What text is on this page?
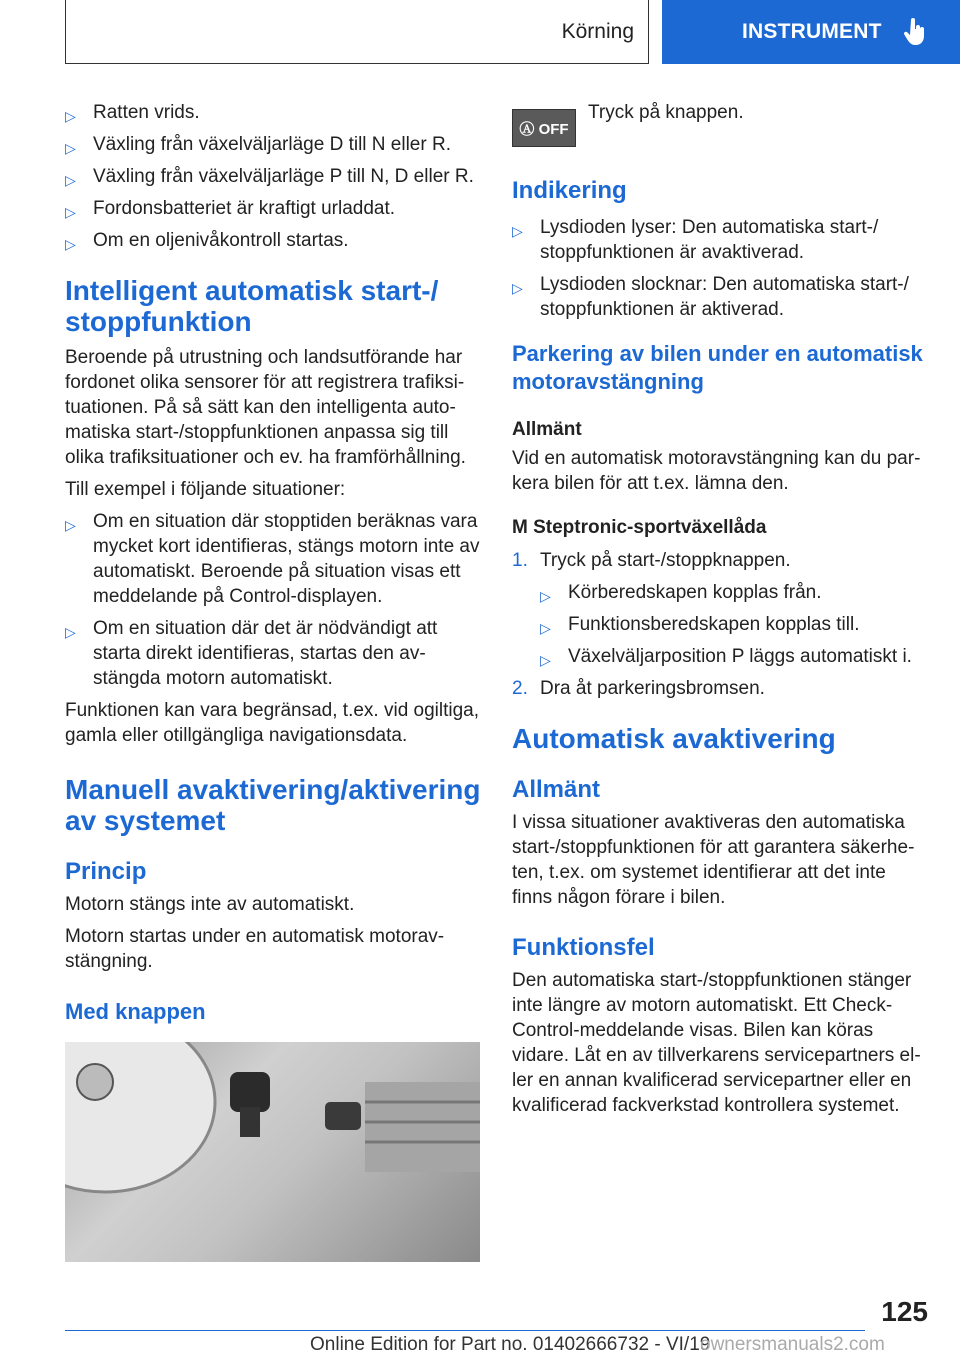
Körning	INSTRUMENT
▷ Ratten vrids.
▷ Växling från växelväljarläge D till N eller R.
▷ Växling från växelväljarläge P till N, D eller R.
▷ Fordonsbatteriet är kraftigt urladdat.
▷ Om en oljenivåkontroll startas.
Intelligent automatisk start-/ stoppfunktion

Beroende på utrustning och landsutförande har fordonet olika sensorer för att registrera trafiksituationen. På så sätt kan den intelligenta automatiska start-/stoppfunktionen anpassa sig till olika trafiksituationer och ev. ha framförhållning.

Till exempel i följande situationer:

▷ Om en situation där stopptiden beräknas vara mycket kort identifieras, stängs motorn inte av automatiskt. Beroende på situation visas ett meddelande på Control-displayen.
▷ Om en situation där det är nödvändigt att starta direkt identifieras, startas den avstängda motorn automatiskt.

Funktionen kan vara begränsad, t.ex. vid ogiltiga, gamla eller otillgängliga navigationsdata.

Manuell avaktivering/aktivering av systemet
Princip

Motorn stängs inte av automatiskt.

Motorn startas under en automatisk motoravstängning.

Med knappen
Ⓐ OFF

Tryck på knappen.

Indikering
▷ Lysdioden lyser: Den automatiska start-/ stoppfunktionen är avaktiverad.
▷ Lysdioden slocknar: Den automatiska start-/ stoppfunktionen är aktiverad.
Parkering av bilen under en automatisk motoravstängning
Allmänt

Vid en automatisk motoravstängning kan du parkera bilen för att t.ex. lämna den.

M Steptronic-sportväxellåda
1. Tryck på start-/stoppknappen.
▷ Körberedskapen kopplas från.
▷ Funktionsberedskapen kopplas till.
▷ Växelväljarposition P läggs automatiskt i.
2. Dra åt parkeringsbromsen.
Automatisk avaktivering
Allmänt

I vissa situationer avaktiveras den automatiska start-/stoppfunktionen för att garantera säkerheten, t.ex. om systemet identifierar att det inte finns någon förare i bilen.

Funktionsfel

Den automatiska start-/stoppfunktionen stänger inte längre av motorn automatiskt. Ett Check-Control-meddelande visas. Bilen kan köras vidare. Låt en av tillverkarens servicepartners eller en annan kvalificerad servicepartner eller en kvalificerad fackverkstad kontrollera systemet.

125
Online Edition for Part no. 01402666732 - VI/19
ownersmanuals2.com
